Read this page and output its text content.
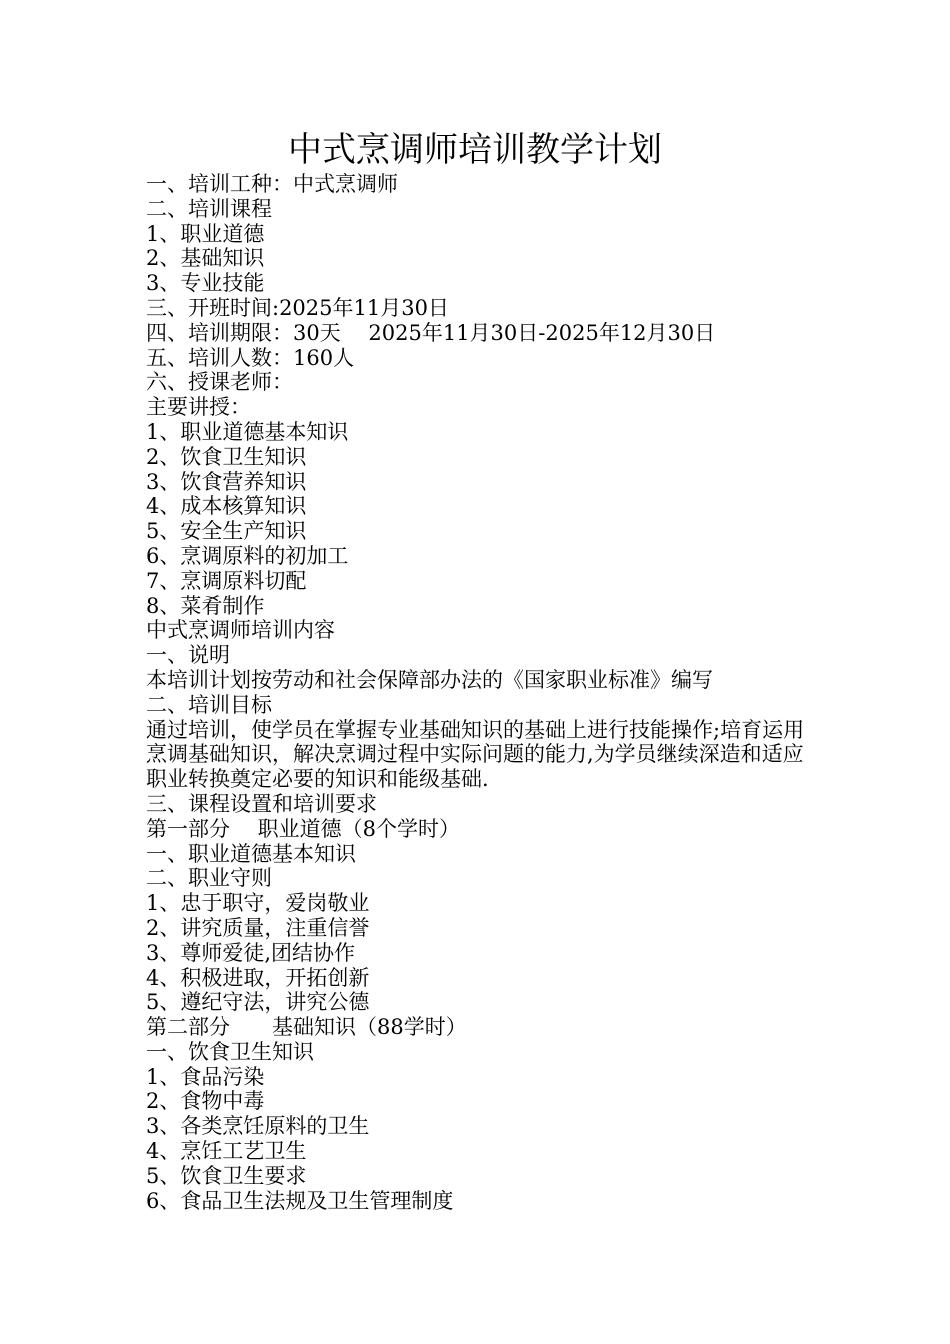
中式烹调师培训教学计划
一、培训工种：中式烹调师
二、培训课程
1、职业道德
2、基础知识
3、专业技能
三、开班时间:2025年11月30日
四、培训期限：30天　 2025年11月30日-2025年12月30日
五、培训人数：160人
六、授课老师：
主要讲授：
1、职业道德基本知识
2、饮食卫生知识
3、饮食营养知识
4、成本核算知识
5、安全生产知识
6、烹调原料的初加工
7、烹调原料切配
8、菜肴制作
中式烹调师培训内容
一、说明
本培训计划按劳动和社会保障部办法的《国家职业标准》编写
二、培训目标
通过培训，使学员在掌握专业基础知识的基础上进行技能操作;培育运用烹调基础知识，解决烹调过程中实际问题的能力,为学员继续深造和适应职业转换奠定必要的知识和能级基础.
三、课程设置和培训要求
第一部分　 职业道德（8个学时）
一、职业道德基本知识
二、职业守则
1、忠于职守，爱岗敬业
2、讲究质量，注重信誉
3、尊师爱徒,团结协作
4、积极进取，开拓创新
5、遵纪守法，讲究公德
第二部分　　基础知识（88学时）
一、饮食卫生知识
1、食品污染
2、食物中毒
3、各类烹饪原料的卫生
4、烹饪工艺卫生
5、饮食卫生要求
6、食品卫生法规及卫生管理制度
